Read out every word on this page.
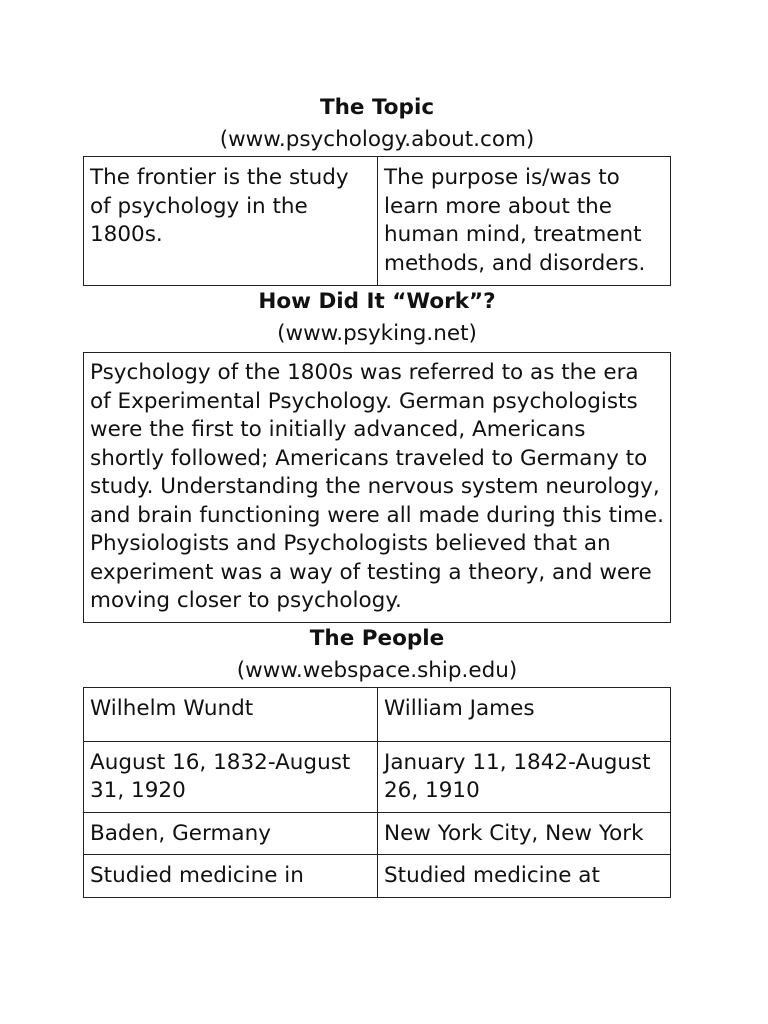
The Topic
(www.psychology.about.com)
The frontier is the study of psychology in the 1800s.	The purpose is/was to learn more about the human mind, treatment methods, and disorders.
How Did It “Work”?
(www.psyking.net)
Psychology of the 1800s was referred to as the era of Experimental Psychology. German psychologists were the first to initially advanced, Americans shortly followed; Americans traveled to Germany to study. Understanding the nervous system neurology, and brain functioning were all made during this time. Physiologists and Psychologists believed that an experiment was a way of testing a theory, and were moving closer to psychology.
The People
(www.webspace.ship.edu)
Wilhelm Wundt	William James
August 16, 1832-August 31, 1920	January 11, 1842-August 26, 1910
Baden, Germany	New York City, New York
Studied medicine in	Studied medicine at
